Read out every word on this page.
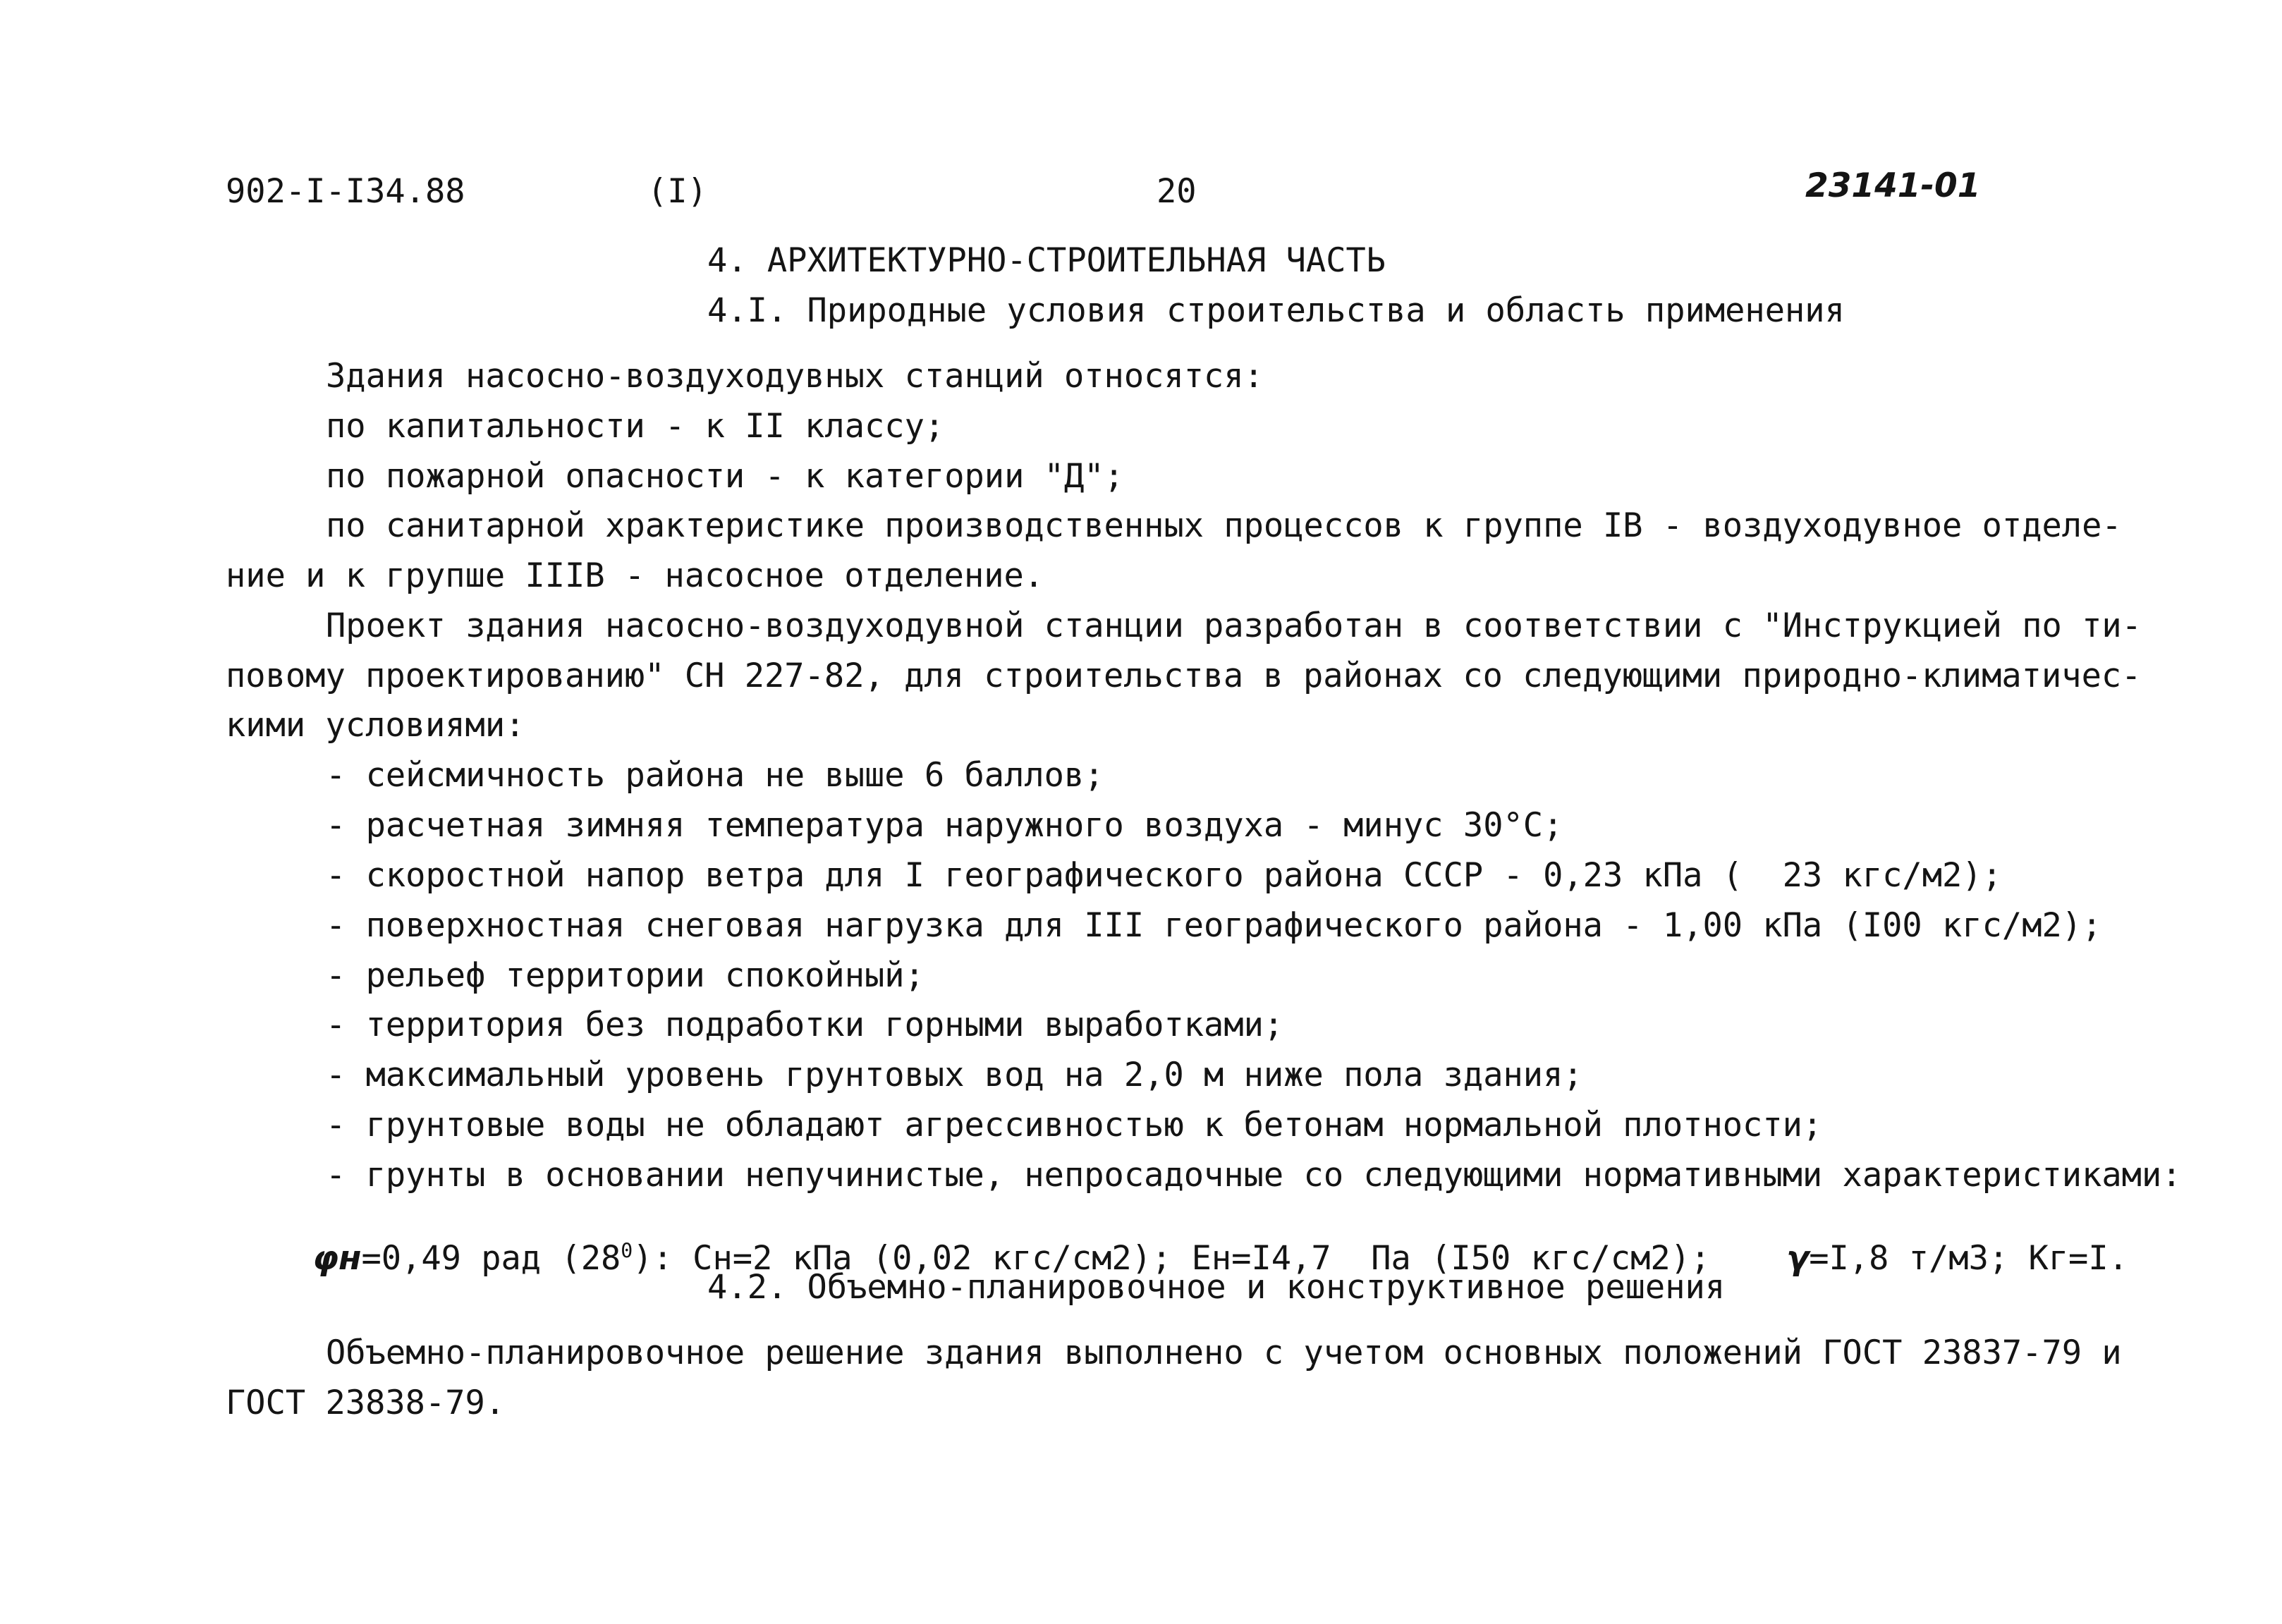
902-I-I34.88	(I)	20	23141-01
4. АРХИТЕКТУРНО-СТРОИТЕЛЬНАЯ ЧАСТЬ
4.I. Природные условия строительства и область применения
Здания насосно-воздуходувных станций относятся:
по капитальности - к II классу;
по пожарной опасности - к категории "Д";
по санитарной храктеристике производственных процессов к группе IВ - воздуходувное отделе-
ние и к групше IIIВ - насосное отделение.
Проект здания насосно-воздуходувной станции разработан в соответствии с "Инструкцией по ти-
повому проектированию" СН 227-82, для строительства в районах со следующими природно-климатичес-
кими условиями:
- сейсмичность района не выше 6 баллов;
- расчетная зимняя температура наружного воздуха - минус 30°С;
- скоростной напор ветра для I географического района СССР - 0,23 кПа (  23 кгс/м2);
- поверхностная снеговая нагрузка для III географического района - 1,00 кПа (I00 кгс/м2);
- рельеф территории спокойный;
- территория без подработки горными выработками;
- максимальный уровень грунтовых вод на 2,0 м ниже пола здания;
- грунтовые воды не обладают агрессивностью к бетонам нормальной плотности;
- грунты в основании непучинистые, непросадочные со следующими нормативными характеристиками:

φн=0,49 рад $(28^0)$: Сн=2 кПа (0,02 кгс/см2); Ен=I4,7  Па (I50 кгс/см2);
	γ=I,8 т/м3; Кг=I.

4.2. Объемно-планировочное и конструктивное решения
Объемно-планировочное решение здания выполнено с учетом основных положений ГОСТ 23837-79 и
ГОСТ 23838-79.
